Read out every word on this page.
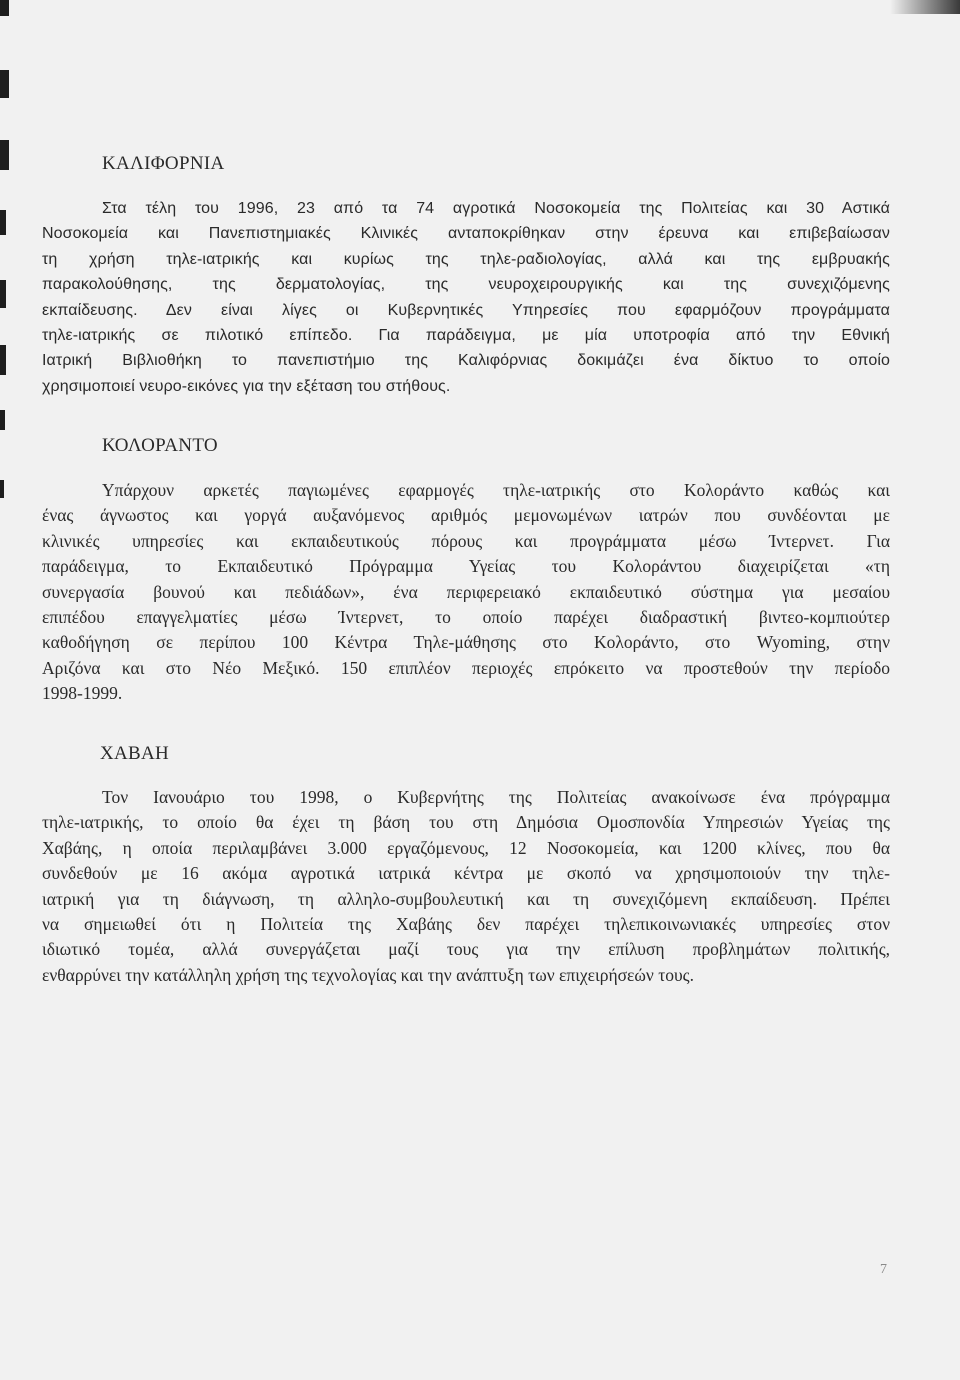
ΚΑΛΙΦΟΡΝΙΑ
Στα τέλη του 1996, 23 από τα 74 αγροτικά Νοσοκομεία της Πολιτείας και 30 Αστικά
Νοσοκομεία και Πανεπιστημιακές Κλινικές ανταποκρίθηκαν στην έρευνα και επιβεβαίωσαν
τη χρήση τηλε-ιατρικής και κυρίως της τηλε-ραδιολογίας, αλλά και της εμβρυακής
παρακολούθησης, της δερματολογίας, της νευροχειρουργικής και της συνεχιζόμενης
εκπαίδευσης. Δεν είναι λίγες οι Κυβερνητικές Υπηρεσίες που εφαρμόζουν προγράμματα
τηλε-ιατρικής σε πιλοτικό επίπεδο. Για παράδειγμα, με μία υποτροφία από την Εθνική
Ιατρική Βιβλιοθήκη το πανεπιστήμιο της Καλιφόρνιας δοκιμάζει ένα δίκτυο το οποίο
χρησιμοποιεί νευρο-εικόνες για την εξέταση του στήθους.
ΚΟΛΟΡΑΝΤΟ
Υπάρχουν αρκετές παγιωμένες εφαρμογές τηλε-ιατρικής στο Κολοράντο καθώς και
ένας άγνωστος και γοργά αυξανόμενος αριθμός μεμονωμένων ιατρών που συνδέονται με
κλινικές υπηρεσίες και εκπαιδευτικούς πόρους και προγράμματα μέσω Ίντερνετ. Για
παράδειγμα, το Εκπαιδευτικό Πρόγραμμα Υγείας του Κολοράντου διαχειρίζεται «τη
συνεργασία βουνού και πεδιάδων», ένα περιφερειακό εκπαιδευτικό σύστημα για μεσαίου
επιπέδου επαγγελματίες μέσω Ίντερνετ, το οποίο παρέχει διαδραστική βιντεο-κομπιούτερ
καθοδήγηση σε περίπου 100 Κέντρα Τηλε-μάθησης στο Κολοράντο, στο Wyoming, στην
Αριζόνα και στο Νέο Μεξικό. 150 επιπλέον περιοχές επρόκειτο να προστεθούν την περίοδο
1998-1999.
ΧΑΒΑΗ
Τον Ιανουάριο του 1998, ο Κυβερνήτης της Πολιτείας ανακοίνωσε ένα πρόγραμμα
τηλε-ιατρικής, το οποίο θα έχει τη βάση του στη Δημόσια Ομοσπονδία Υπηρεσιών Υγείας της
Χαβάης, η οποία περιλαμβάνει 3.000 εργαζόμενους, 12 Νοσοκομεία, και 1200 κλίνες, που θα
συνδεθούν με 16 ακόμα αγροτικά ιατρικά κέντρα με σκοπό να χρησιμοποιούν την τηλε-
ιατρική για τη διάγνωση, τη αλληλο-συμβουλευτική και τη συνεχιζόμενη εκπαίδευση. Πρέπει
να σημειωθεί ότι η Πολιτεία της Χαβάης δεν παρέχει τηλεπικοινωνιακές υπηρεσίες στον
ιδιωτικό τομέα, αλλά συνεργάζεται μαζί τους για την επίλυση προβλημάτων πολιτικής,
ενθαρρύνει την κατάλληλη χρήση της τεχνολογίας και την ανάπτυξη των επιχειρήσεών τους.
7
